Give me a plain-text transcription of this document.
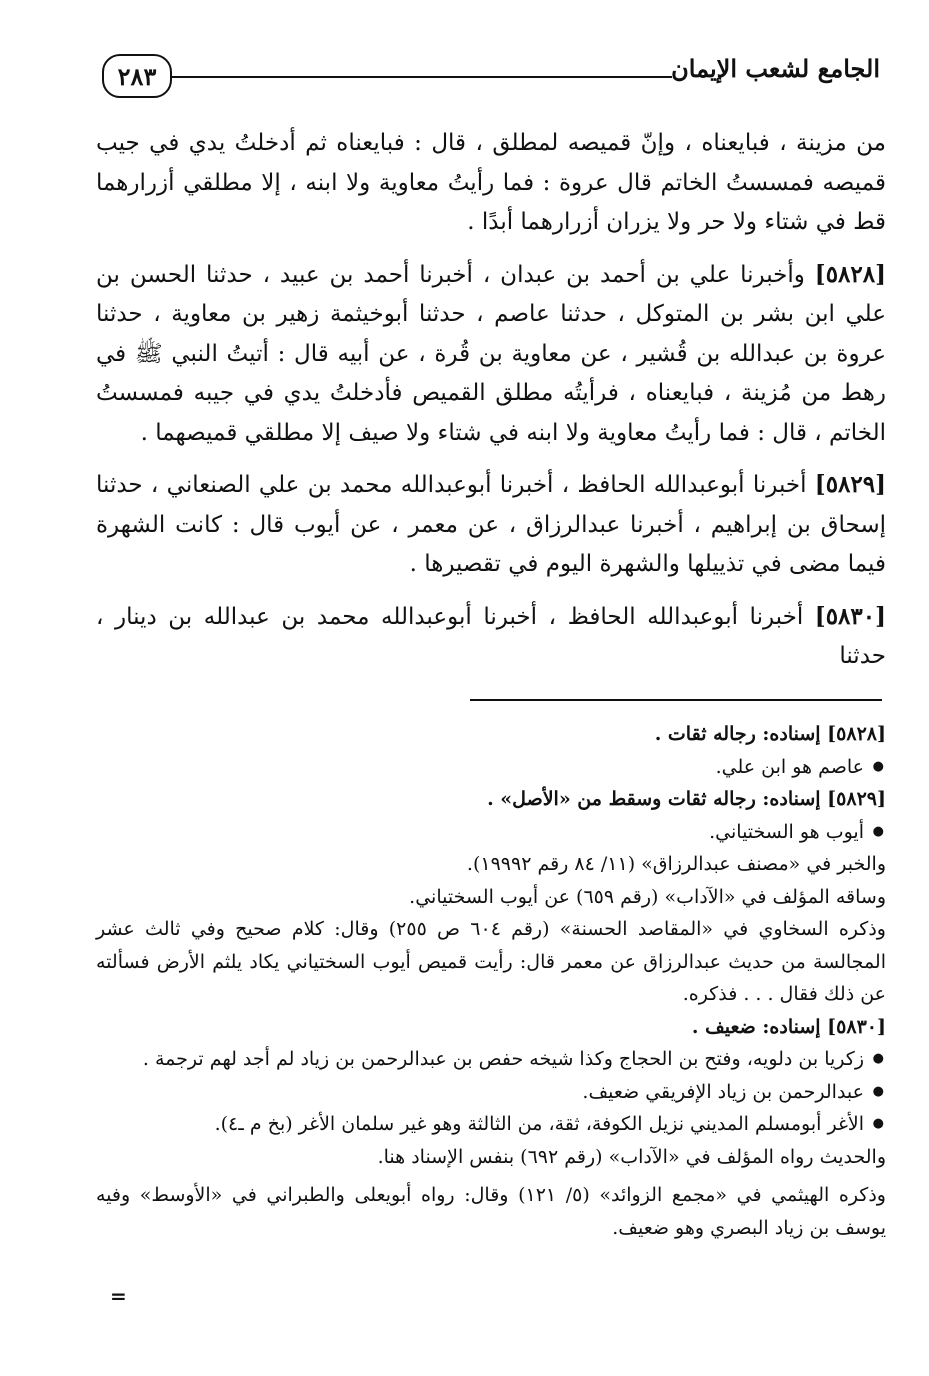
٢٨٣	الجامع لشعب الإيمان

من مزينة ، فبايعناه ، وإنّ قميصه لمطلق ، قال : فبايعناه ثم أدخلتُ يدي في جيب قميصه فمسستُ الخاتم قال عروة : فما رأيتُ معاوية ولا ابنه ، إلا مطلقي أزرارهما قط في شتاء ولا حر ولا يزران أزرارهما أبدًا .

[٥٨٢٨] وأخبرنا علي بن أحمد بن عبدان ، أخبرنا أحمد بن عبيد ، حدثنا الحسن بن علي ابن بشر بن المتوكل ، حدثنا عاصم ، حدثنا أبوخيثمة زهير بن معاوية ، حدثنا عروة بن عبدالله بن قُشير ، عن معاوية بن قُرة ، عن أبيه قال : أتيتُ النبي ﷺ في رهط من مُزينة ، فبايعناه ، فرأيتُه مطلق القميص فأدخلتُ يدي في جيبه فمسستُ الخاتم ، قال : فما رأيتُ معاوية ولا ابنه في شتاء ولا صيف إلا مطلقي قميصهما .

[٥٨٢٩] أخبرنا أبوعبدالله الحافظ ، أخبرنا أبوعبدالله محمد بن علي الصنعاني ، حدثنا إسحاق بن إبراهيم ، أخبرنا عبدالرزاق ، عن معمر ، عن أيوب قال : كانت الشهرة فيما مضى في تذييلها والشهرة اليوم في تقصيرها .

[٥٨٣٠] أخبرنا أبوعبدالله الحافظ ، أخبرنا أبوعبدالله محمد بن عبدالله بن دينار ، حدثنا

[٥٨٢٨] إسناده: رجاله ثقات .
● عاصم هو ابن علي.
[٥٨٢٩] إسناده: رجاله ثقات وسقط من «الأصل» .
● أيوب هو السختياني.
والخبر في «مصنف عبدالرزاق» (١١/ ٨٤ رقم ١٩٩٩٢).
وساقه المؤلف في «الآداب» (رقم ٦٥٩) عن أيوب السختياني.
وذكره السخاوي في «المقاصد الحسنة» (رقم ٦٠٤ ص ٢٥٥) وقال: كلام صحيح وفي ثالث عشر المجالسة من حديث عبدالرزاق عن معمر قال: رأيت قميص أيوب السختياني يكاد يلثم الأرض فسألته عن ذلك فقال . . . فذكره.
[٥٨٣٠] إسناده: ضعيف .
● زكريا بن دلويه، وفتح بن الحجاج وكذا شيخه حفص بن عبدالرحمن بن زياد لم أجد لهم ترجمة .
● عبدالرحمن بن زياد الإفريقي ضعيف.
● الأغر أبومسلم المديني نزيل الكوفة، ثقة، من الثالثة وهو غير سلمان الأغر (بخ م ـ٤).
والحديث رواه المؤلف في «الآداب» (رقم ٦٩٢) بنفس الإسناد هنا.
وذكره الهيثمي في «مجمع الزوائد» (٥/ ١٢١) وقال: رواه أبويعلى والطبراني في «الأوسط» وفيه يوسف بن زياد البصري وهو ضعيف.
=
